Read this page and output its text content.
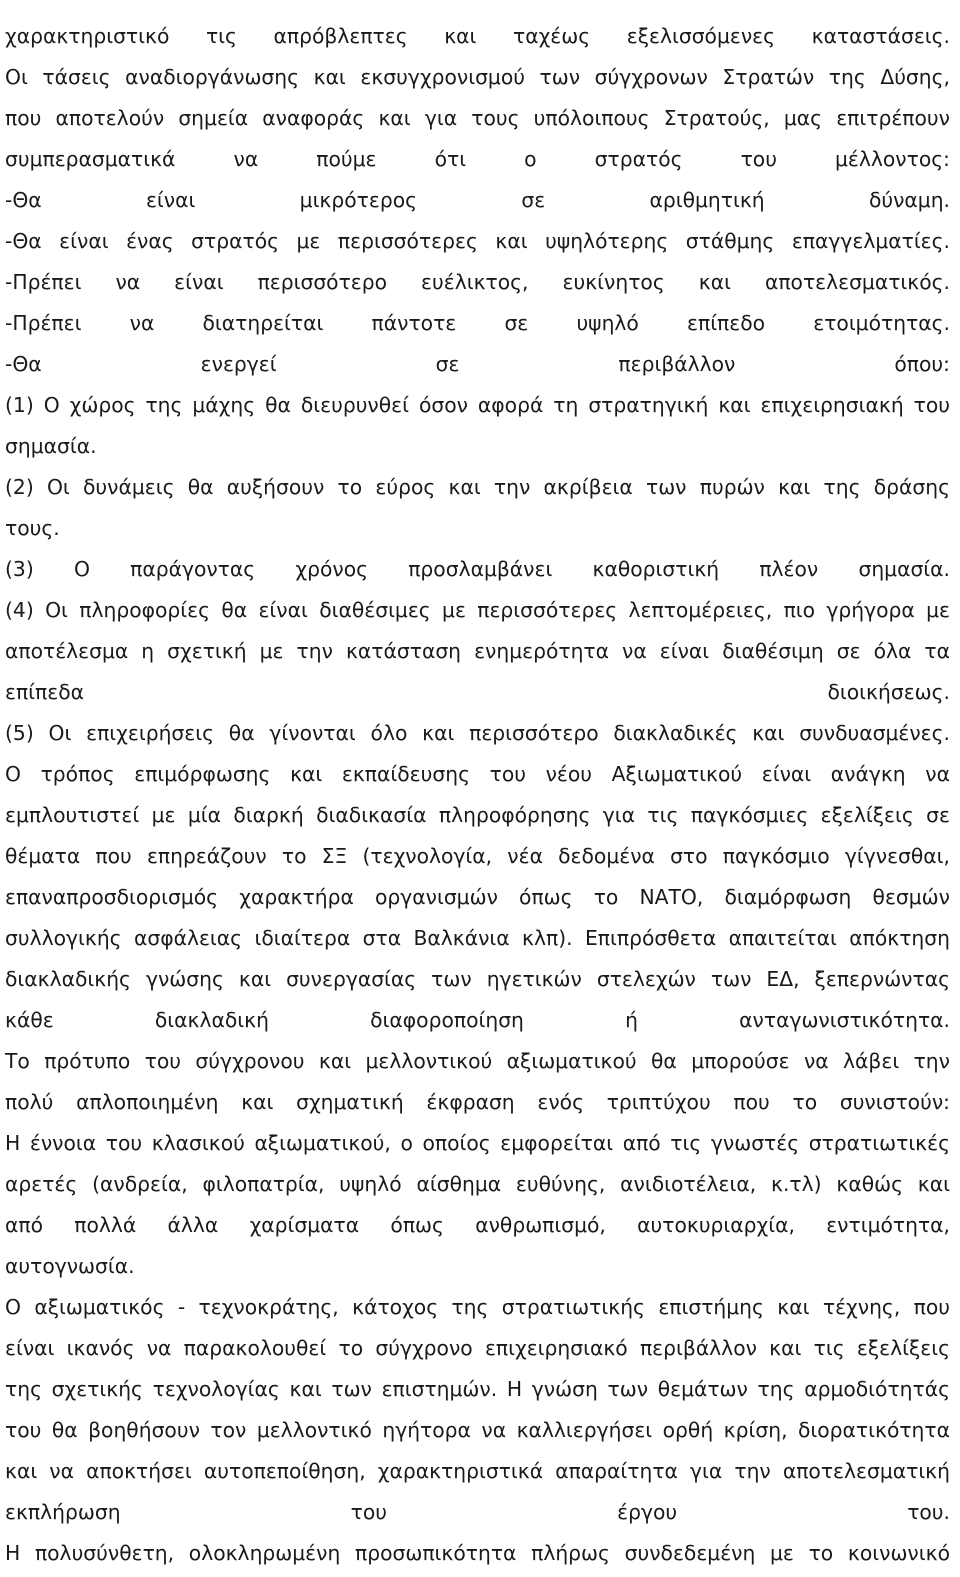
χαρακτηριστικό τις απρόβλεπτες και ταχέως εξελισσόμενες καταστάσεις.
Οι τάσεις αναδιοργάνωσης και εκσυγχρονισμού των σύγχρονων Στρατών της Δύσης,
που αποτελούν σημεία αναφοράς και για τους υπόλοιπους Στρατούς, μας επιτρέπουν
συμπερασματικά να πούμε ότι ο στρατός του μέλλοντος:
-Θα είναι μικρότερος σε αριθμητική δύναμη.
-Θα είναι ένας στρατός με περισσότερες και υψηλότερης στάθμης επαγγελματίες.
-Πρέπει να είναι περισσότερο ευέλικτος, ευκίνητος και αποτελεσματικός.
-Πρέπει να διατηρείται πάντοτε σε υψηλό επίπεδο ετοιμότητας.
-Θα ενεργεί σε περιβάλλον όπου:
(1) Ο χώρος της μάχης θα διευρυνθεί όσον αφορά τη στρατηγική και επιχειρησιακή του
σημασία.
(2) Οι δυνάμεις θα αυξήσουν το εύρος και την ακρίβεια των πυρών και της δράσης
τους.
(3) Ο παράγοντας χρόνος προσλαμβάνει καθοριστική πλέον σημασία.
(4) Οι πληροφορίες θα είναι διαθέσιμες με περισσότερες λεπτομέρειες, πιο γρήγορα με
αποτέλεσμα η σχετική με την κατάσταση ενημερότητα να είναι διαθέσιμη σε όλα τα
επίπεδα διοικήσεως.
(5) Οι επιχειρήσεις θα γίνονται όλο και περισσότερο διακλαδικές και συνδυασμένες.
Ο τρόπος επιμόρφωσης και εκπαίδευσης του νέου Αξιωματικού είναι ανάγκη να
εμπλουτιστεί με μία διαρκή διαδικασία πληροφόρησης για τις παγκόσμιες εξελίξεις σε
θέματα που επηρεάζουν το ΣΞ (τεχνολογία, νέα δεδομένα στο παγκόσμιο γίγνεσθαι,
επαναπροσδιορισμός χαρακτήρα οργανισμών όπως το ΝΑΤΟ, διαμόρφωση θεσμών
συλλογικής ασφάλειας ιδιαίτερα στα Βαλκάνια κλπ). Επιπρόσθετα απαιτείται απόκτηση
διακλαδικής γνώσης και συνεργασίας των ηγετικών στελεχών των ΕΔ, ξεπερνώντας
κάθε διακλαδική διαφοροποίηση ή ανταγωνιστικότητα.
Το πρότυπο του σύγχρονου και μελλοντικού αξιωματικού θα μπορούσε να λάβει την
πολύ απλοποιημένη και σχηματική έκφραση ενός τριπτύχου που το συνιστούν:
Η έννοια του κλασικού αξιωματικού, ο οποίος εμφορείται από τις γνωστές στρατιωτικές
αρετές (ανδρεία, φιλοπατρία, υψηλό αίσθημα ευθύνης, ανιδιοτέλεια, κ.τλ) καθώς και
από πολλά άλλα χαρίσματα όπως ανθρωπισμό, αυτοκυριαρχία, εντιμότητα,
αυτογνωσία.
Ο αξιωματικός - τεχνοκράτης, κάτοχος της στρατιωτικής επιστήμης και τέχνης, που
είναι ικανός να παρακολουθεί το σύγχρονο επιχειρησιακό περιβάλλον και τις εξελίξεις
της σχετικής τεχνολογίας και των επιστημών. Η γνώση των θεμάτων της αρμοδιότητάς
του θα βοηθήσουν τον μελλοντικό ηγήτορα να καλλιεργήσει ορθή κρίση, διορατικότητα
και να αποκτήσει αυτοπεποίθηση, χαρακτηριστικά απαραίτητα για την αποτελεσματική
εκπλήρωση του έργου του.
Η πολυσύνθετη, ολοκληρωμένη προσωπικότητα πλήρως συνδεδεμένη με το κοινωνικό
